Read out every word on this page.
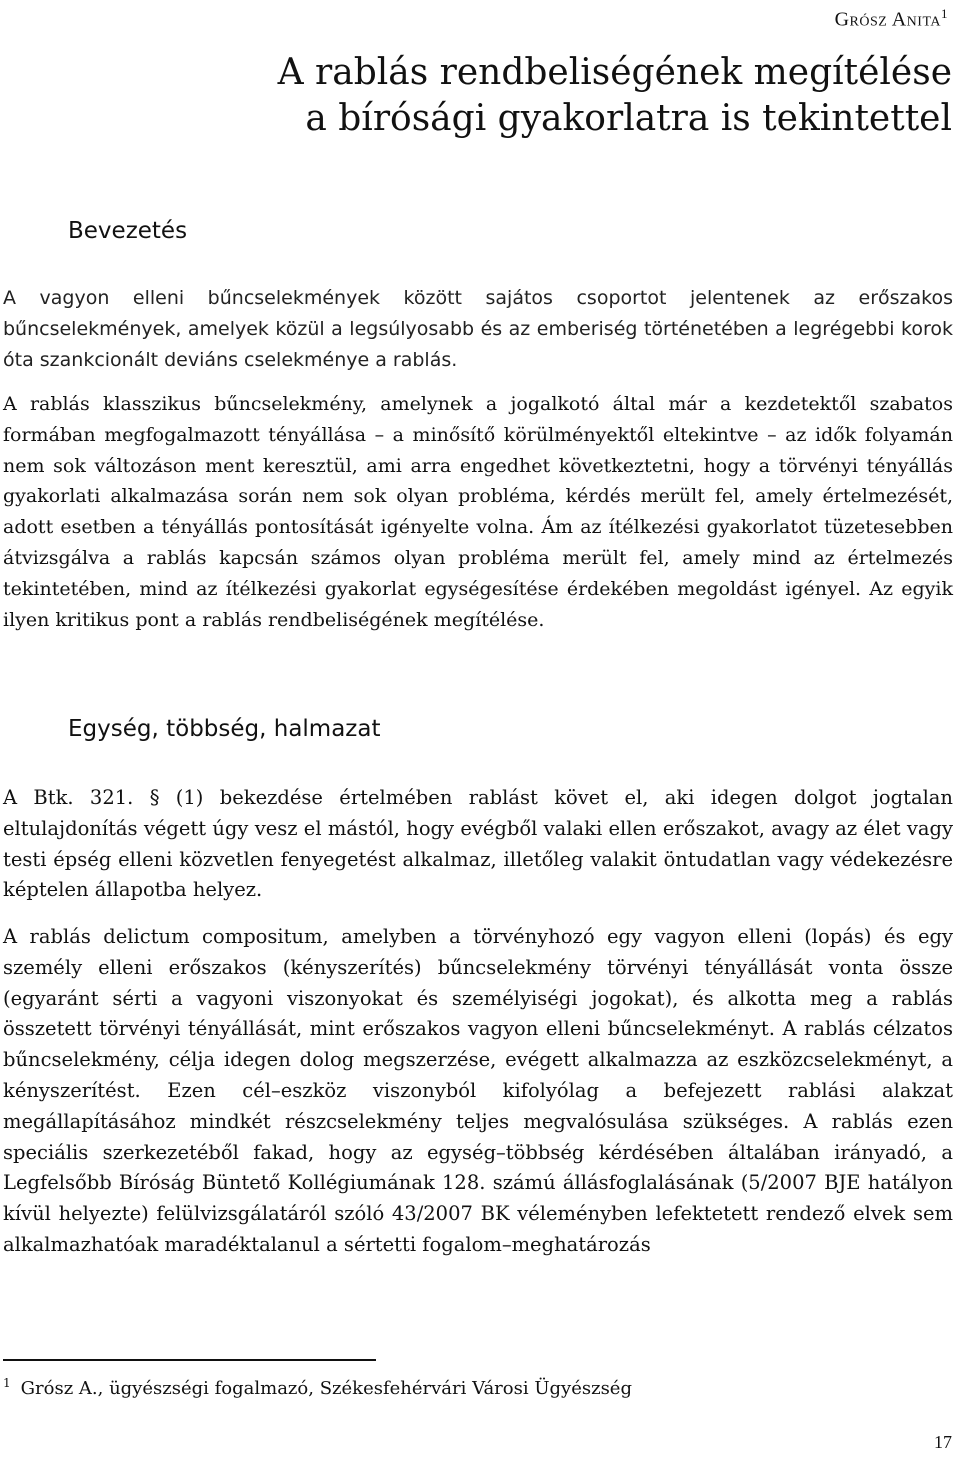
Grósz Anita$^1$
A rablás rendbeliségének megítélése a bírósági gyakorlatra is tekintettel
Bevezetés

A vagyon elleni bűncselekmények között sajátos csoportot jelentenek az erőszakos bűncselekmények, amelyek közül a legsúlyosabb és az emberiség történetében a legrégebbi korok óta szankcionált deviáns cselekménye a rablás.

A rablás klasszikus bűncselekmény, amelynek a jogalkotó által már a kezdetektől szabatos formában megfogalmazott tényállása – a minősítő körülményektől eltekintve – az idők folyamán nem sok változáson ment keresztül, ami arra engedhet következtetni, hogy a törvényi tényállás gyakorlati alkalmazása során nem sok olyan probléma, kérdés merült fel, amely értelmezését, adott esetben a tényállás pontosítását igényelte volna. Ám az ítélkezési gyakorlatot tüzetesebben átvizsgálva a rablás kapcsán számos olyan probléma merült fel, amely mind az értelmezés tekintetében, mind az ítélkezési gyakorlat egységesítése érdekében megoldást igényel. Az egyik ilyen kritikus pont a rablás rendbeliségének megítélése.

Egység, többség, halmazat

A Btk. 321. § (1) bekezdése értelmében rablást követ el, aki idegen dolgot jogtalan eltulajdonítás végett úgy vesz el mástól, hogy evégből valaki ellen erőszakot, avagy az élet vagy testi épség elleni közvetlen fenyegetést alkalmaz, illetőleg valakit öntudatlan vagy védekezésre képtelen állapotba helyez.

A rablás delictum compositum, amelyben a törvényhozó egy vagyon elleni (lopás) és egy személy elleni erőszakos (kényszerítés) bűncselekmény törvényi tényállását vonta össze (egyaránt sérti a vagyoni viszonyokat és személyiségi jogokat), és alkotta meg a rablás összetett törvényi tényállását, mint erőszakos vagyon elleni bűncselekményt. A rablás célzatos bűncselekmény, célja idegen dolog megszerzése, evégett alkalmazza az eszközcselekményt, a kényszerítést. Ezen cél–eszköz viszonyból kifolyólag a befejezett rablási alakzat megállapításához mindkét részcselekmény teljes megvalósulása szükséges. A rablás ezen speciális szerkezetéből fakad, hogy az egység–többség kérdésében általában irányadó, a Legfelsőbb Bíróság Büntető Kollégiumának 128. számú állásfoglalásának (5/2007 BJE hatályon kívül helyezte) felülvizsgálatáról szóló 43/2007 BK véleményben lefektetett rendező elvek sem alkalmazhatóak maradéktalanul a sértetti fogalom–meghatározás

$^1$ Grósz A., ügyészségi fogalmazó, Székesfehérvári Városi Ügyészség
17
